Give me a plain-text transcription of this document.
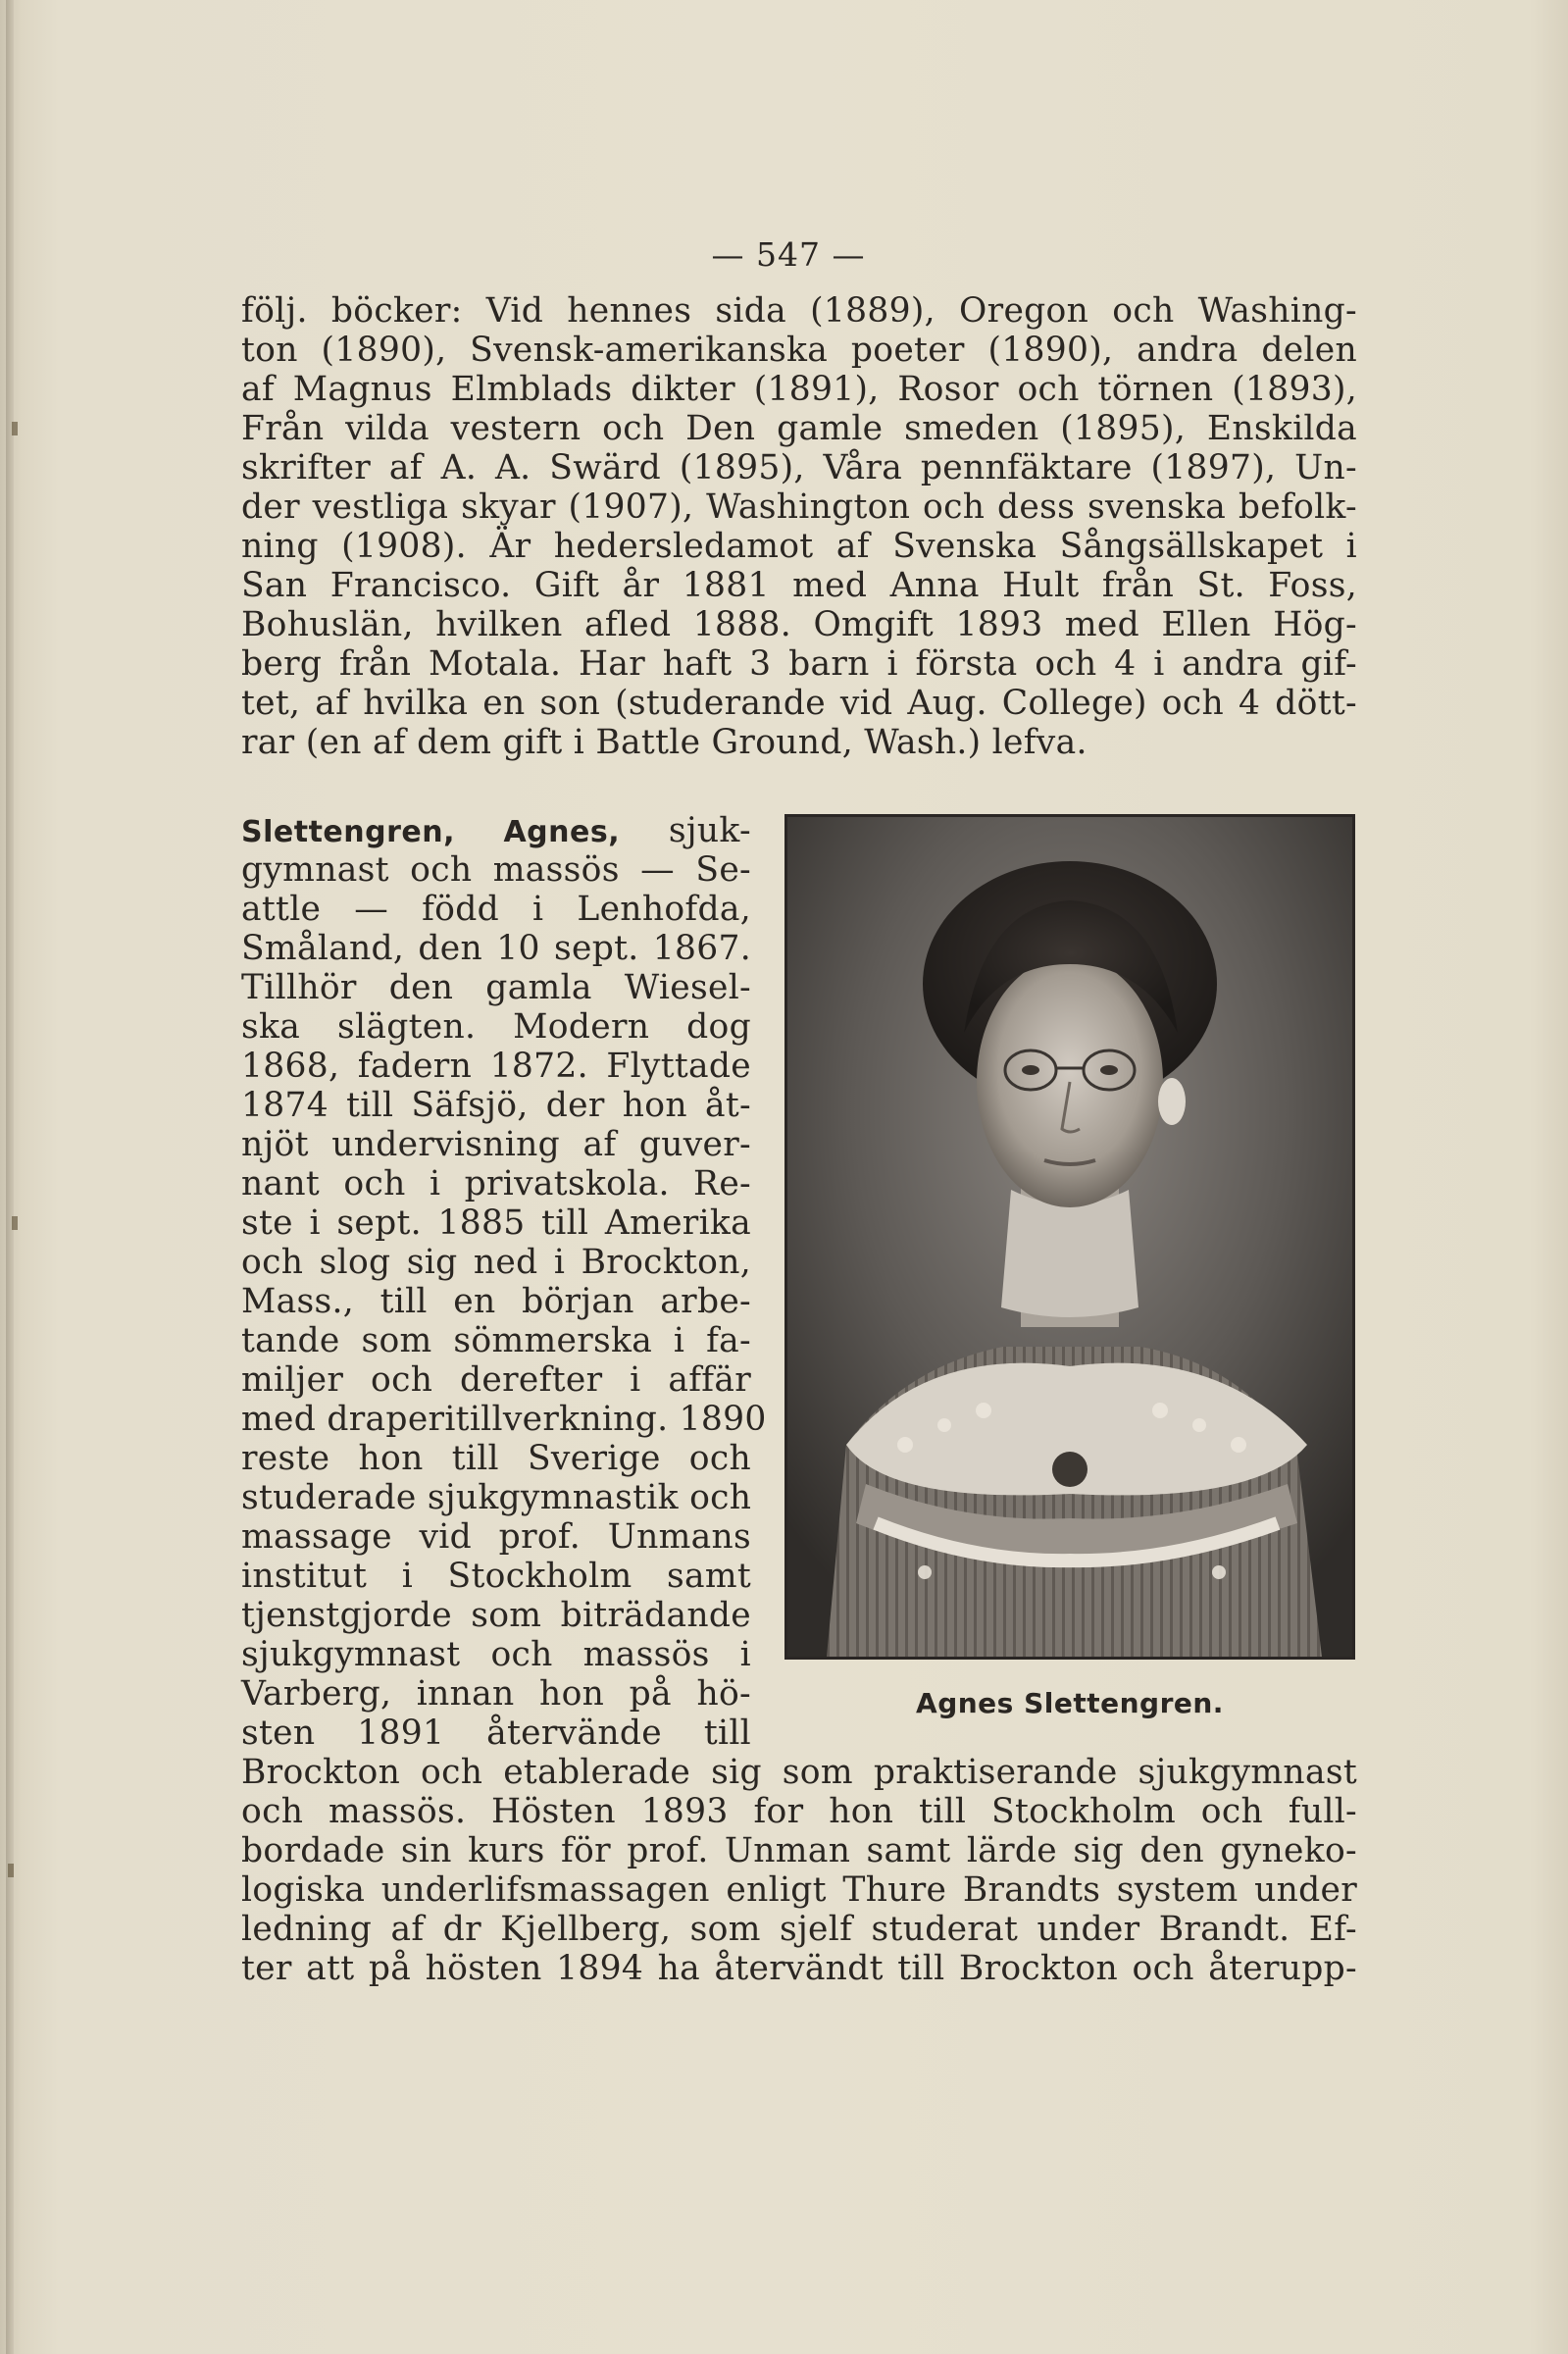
— 547 —
följ. böcker: Vid hennes sida (1889), Oregon och Washing-
ton (1890), Svensk-amerikanska poeter (1890), andra delen
af Magnus Elmblads dikter (1891), Rosor och törnen (1893),
Från vilda vestern och Den gamle smeden (1895), Enskilda
skrifter af A. A. Swärd (1895), Våra pennfäktare (1897), Un-
der vestliga skyar (1907), Washington och dess svenska befolk-
ning (1908). Är hedersledamot af Svenska Sångsällskapet i
San Francisco. Gift år 1881 med Anna Hult från St. Foss,
Bohuslän, hvilken afled 1888. Omgift 1893 med Ellen Hög-
berg från Motala. Har haft 3 barn i första och 4 i andra gif-
tet, af hvilka en son (studerande vid Aug. College) och 4 dött-
rar (en af dem gift i Battle Ground, Wash.) lefva.
Slettengren, Agnes, sjuk-
gymnast och massös — Se-
attle — född i Lenhofda,
Småland, den 10 sept. 1867.
Tillhör den gamla Wiesel-
ska slägten. Modern dog
1868, fadern 1872. Flyttade
1874 till Säfsjö, der hon åt-
njöt undervisning af guver-
nant och i privatskola. Re-
ste i sept. 1885 till Amerika
och slog sig ned i Brockton,
Mass., till en början arbe-
tande som sömmerska i fa-
miljer och derefter i affär
med draperitillverkning. 1890
reste hon till Sverige och
studerade sjukgymnastik och
massage vid prof. Unmans
institut i Stockholm samt
tjenstgjorde som biträdande
sjukgymnast och massös i
Varberg, innan hon på hö-
sten 1891 återvände till
Brockton och etablerade sig som praktiserande sjukgymnast
och massös. Hösten 1893 for hon till Stockholm och full-
bordade sin kurs för prof. Unman samt lärde sig den gyneko-
logiska underlifsmassagen enligt Thure Brandts system under
ledning af dr Kjellberg, som sjelf studerat under Brandt. Ef-
ter att på hösten 1894 ha återvändt till Brockton och återupp-
Agnes Slettengren.
